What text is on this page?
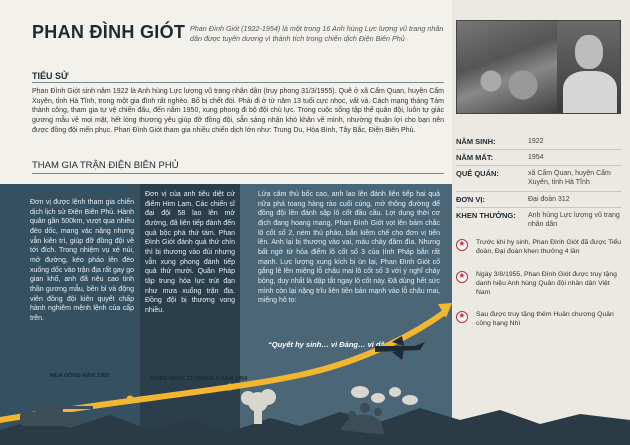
PHAN ĐÌNH GIÓT Phan Đình Giót (1922-1954) là một trong 16 Anh hùng Lực lượng vũ trang nhân dân được tuyên dương vì thành tích trong chiến dịch Điện Biên Phủ
TIỂU SỬ
Phan Đình Giót sinh năm 1922 là Anh hùng Lực lượng vũ trang nhân dân (truy phong 31/3/1955). Quê ở xã Cẩm Quan, huyện Cẩm Xuyên, tỉnh Hà Tĩnh, trong một gia đình rất nghèo. Bố bị chết đói. Phải đi ở từ năm 13 tuổi cực nhọc, vất vả. Cách mạng tháng Tám thành công, tham gia tự vệ chiến đấu, đến năm 1950, xung phong đi bộ đội chủ lực. Trong cuộc sống tập thể quân đội, luôn tự giác gương mẫu về mọi mặt, hết lòng thương yêu giúp đỡ đồng đội, sẵn sàng nhận khó khăn về mình, nhường thuận lợi cho bạn nên được đồng đội mến phục. Phan Đình Giót tham gia nhiều chiến dịch lớn như: Trung Du, Hòa Bình, Tây Bắc, Điện Biên Phủ.
THAM GIA TRẬN ĐIỆN BIÊN PHỦ
Đơn vị được lệnh tham gia chiến dịch lịch sử Điện Biên Phủ. Hành quân gần 500km, vượt qua nhiều đèo dốc, mang vác nặng nhưng vẫn kiên trì, giúp đỡ đồng đội về tới đích. Trong nhiệm vụ xẻ núi, mở đường, kéo pháo lên đèo xuống dốc vào trận địa rất gay go gian khổ, anh đã nêu cao tinh thần gương mẫu, bền bỉ và động viên đồng đội kiên quyết chấp hành nghiêm mệnh lệnh của cấp trên.
Đơn vị của anh tiêu diệt cứ điểm Him Lam. Các chiến sĩ đại đội 58 lao lên mở đường, đã liên tiếp đánh đến quả bộc phá thứ tám. Phan Đình Giót đánh quả thứ chín thì bị thương vào đùi nhưng vẫn xung phong đánh tiếp quả thứ mười. Quân Pháp tập trung hỏa lực trút đạn như mưa xuống trận địa. Đồng đội bị thương vong nhiều.
Lửa căm thù bốc cao, anh lao lên đánh liên tiếp hai quả nữa phá toang hàng rào cuối cùng, mở thông đường để đồng đội lên đánh sập lô cốt đầu cầu. Lợi dụng thời cơ địch đang hoang mang, Phan Đình Giót vọt lên bám chắc lô cốt số 2, ném thủ pháo, bắn kiềm chế cho đơn vị tiến lên. Anh lại bị thương vào vai, máu chảy đầm đìa. Nhưng bất ngờ từ hỏa điểm lô cốt số 3 của Ịính Pháp bắn rất mạnh. Lực lượng xung kích bị ùn lại, Phan Đình Giót cố gắng lê lên miệng lỗ châu mai lô cốt số 3 với ý nghĩ cháy bỏng, duy nhất là dập tắt ngay lô cốt này. Đã dùng hết sức mình còn lại nặng trĩu liên tiền bản mạnh vào lỗ châu mai, miệng hô to:
“Quyết hy sinh… vì Đảng… vì dân”
MÙA ĐÔNG NĂM 1953	CHIỀU NGÀY 13 THÁNG 3 NĂM 1954
NĂM SINH:	1922
NĂM MẤT:	1954
QUÊ QUÁN:	xã Cẩm Quan, huyện Cẩm Xuyên, tỉnh Hà Tĩnh
ĐƠN VỊ:	Đại đoàn 312
KHEN THƯỞNG: Anh hùng Lực lượng vũ trang nhân dân
★
Trước khi hy sinh, Phan Đình Giót đã được Tiểu đoàn, Đại đoàn khen thưởng 4 lần
★
Ngày 3/8/1955, Phan Đình Giót được truy tặng danh hiệu Anh hùng Quân đội nhân dân Việt Nam
★
Sau được truy tặng thêm Huân chương Quân công hạng Nhì
